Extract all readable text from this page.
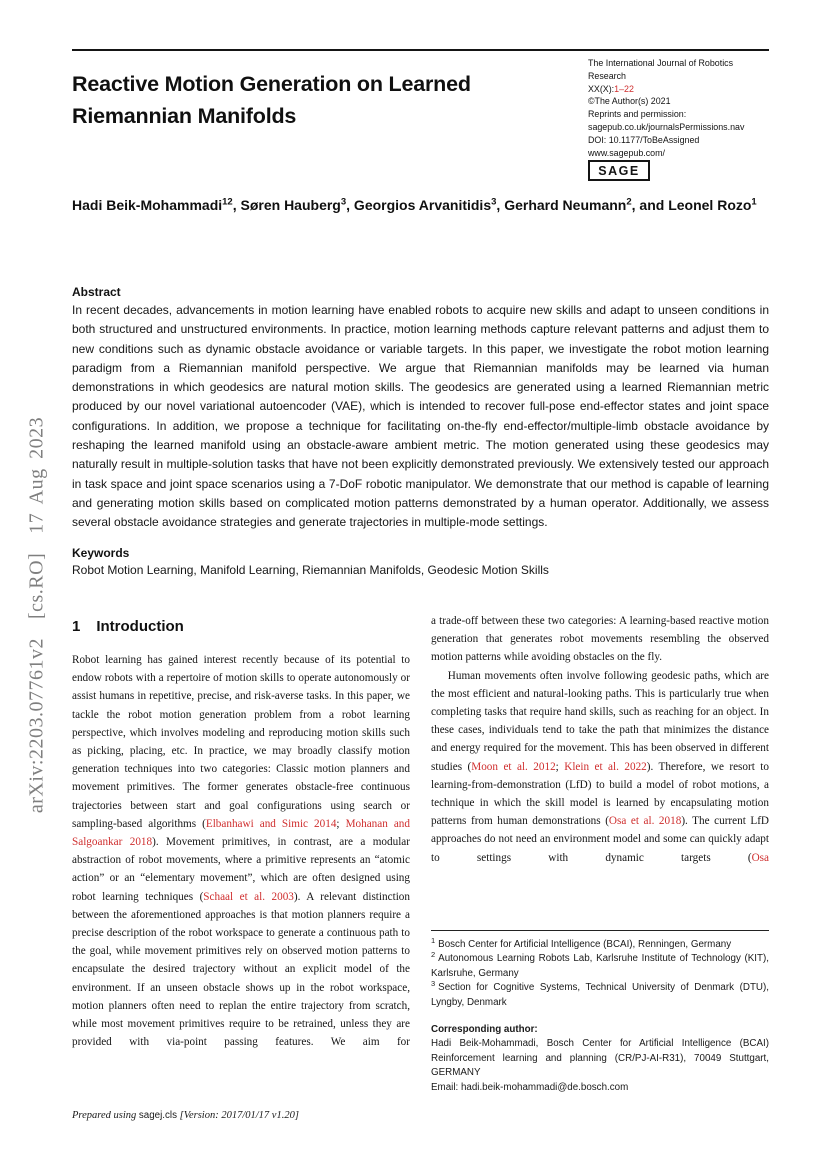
arXiv:2203.07761v2  [cs.RO]  17 Aug 2023
Reactive Motion Generation on Learned
Riemannian Manifolds
The International Journal of Robotics
Research
XX(X):1–22
©The Author(s) 2021
Reprints and permission:
sagepub.co.uk/journalsPermissions.nav
DOI: 10.1177/ToBeAssigned
www.sagepub.com/
SAGE
Hadi Beik-Mohammadi$^{12}$, Søren Hauberg$^3$, Georgios Arvanitidis$^3$, Gerhard Neumann$^2$, and Leonel Rozo$^1$
Abstract
In recent decades, advancements in motion learning have enabled robots to acquire new skills and adapt to unseen conditions in both structured and unstructured environments. In practice, motion learning methods capture relevant patterns and adjust them to new conditions such as dynamic obstacle avoidance or variable targets. In this paper, we investigate the robot motion learning paradigm from a Riemannian manifold perspective. We argue that Riemannian manifolds may be learned via human demonstrations in which geodesics are natural motion skills. The geodesics are generated using a learned Riemannian metric produced by our novel variational autoencoder (VAE), which is intended to recover full-pose end-effector states and joint space configurations. In addition, we propose a technique for facilitating on-the-fly end-effector/multiple-limb obstacle avoidance by reshaping the learned manifold using an obstacle-aware ambient metric. The motion generated using these geodesics may naturally result in multiple-solution tasks that have not been explicitly demonstrated previously. We extensively tested our approach in task space and joint space scenarios using a 7-DoF robotic manipulator. We demonstrate that our method is capable of learning and generating motion skills based on complicated motion patterns demonstrated by a human operator. Additionally, we assess several obstacle avoidance strategies and generate trajectories in multiple-mode settings.
Keywords
Robot Motion Learning, Manifold Learning, Riemannian Manifolds, Geodesic Motion Skills
1 Introduction
Robot learning has gained interest recently because of its potential to endow robots with a repertoire of motion skills to operate autonomously or assist humans in repetitive, precise, and risk-averse tasks. In this paper, we tackle the robot motion generation problem from a robot learning perspective, which involves modeling and reproducing motion skills such as picking, placing, etc. In practice, we may broadly classify motion generation techniques into two categories: Classic motion planners and movement primitives. The former generates obstacle-free continuous trajectories between start and goal configurations using search or sampling-based algorithms (Elbanhawi and Simic 2014; Mohanan and Salgoankar 2018). Movement primitives, in contrast, are a modular abstraction of robot movements, where a primitive represents an “atomic action” or an “elementary movement”, which are often designed using robot learning techniques (Schaal et al. 2003). A relevant distinction between the aforementioned approaches is that motion planners require a precise description of the robot workspace to generate a continuous path to the goal, while movement primitives rely on observed motion patterns to encapsulate the desired trajectory without an explicit model of the environment. If an unseen obstacle shows up in the robot workspace, motion planners often need to replan the entire trajectory from scratch, while most movement primitives require to be retrained, unless they are provided with via-point passing features. We aim for

a trade-off between these two categories: A learning-based reactive motion generation that generates robot movements resembling the observed motion patterns while avoiding obstacles on the fly.

Human movements often involve following geodesic paths, which are the most efficient and natural-looking paths. This is particularly true when completing tasks that require hand skills, such as reaching for an object. In these cases, individuals tend to take the path that minimizes the distance and energy required for the movement. This has been observed in different studies (Moon et al. 2012; Klein et al. 2022). Therefore, we resort to learning-from-demonstration (LfD) to build a model of robot motions, a technique in which the skill model is learned by encapsulating motion patterns from human demonstrations (Osa et al. 2018). The current LfD approaches do not need an environment model and some can quickly adapt to settings with dynamic targets (Osa

$^1$ Bosch Center for Artificial Intelligence (BCAI), Renningen, Germany
$^2$ Autonomous Learning Robots Lab, Karlsruhe Institute of Technology (KIT), Karlsruhe, Germany
$^3$ Section for Cognitive Systems, Technical University of Denmark (DTU), Lyngby, Denmark
Corresponding author:
Hadi Beik-Mohammadi, Bosch Center for Artificial Intelligence (BCAI) Reinforcement learning and planning (CR/PJ-AI-R31), 70049 Stuttgart, GERMANY
Email: hadi.beik-mohammadi@de.bosch.com
Prepared using sagej.cls [Version: 2017/01/17 v1.20]
